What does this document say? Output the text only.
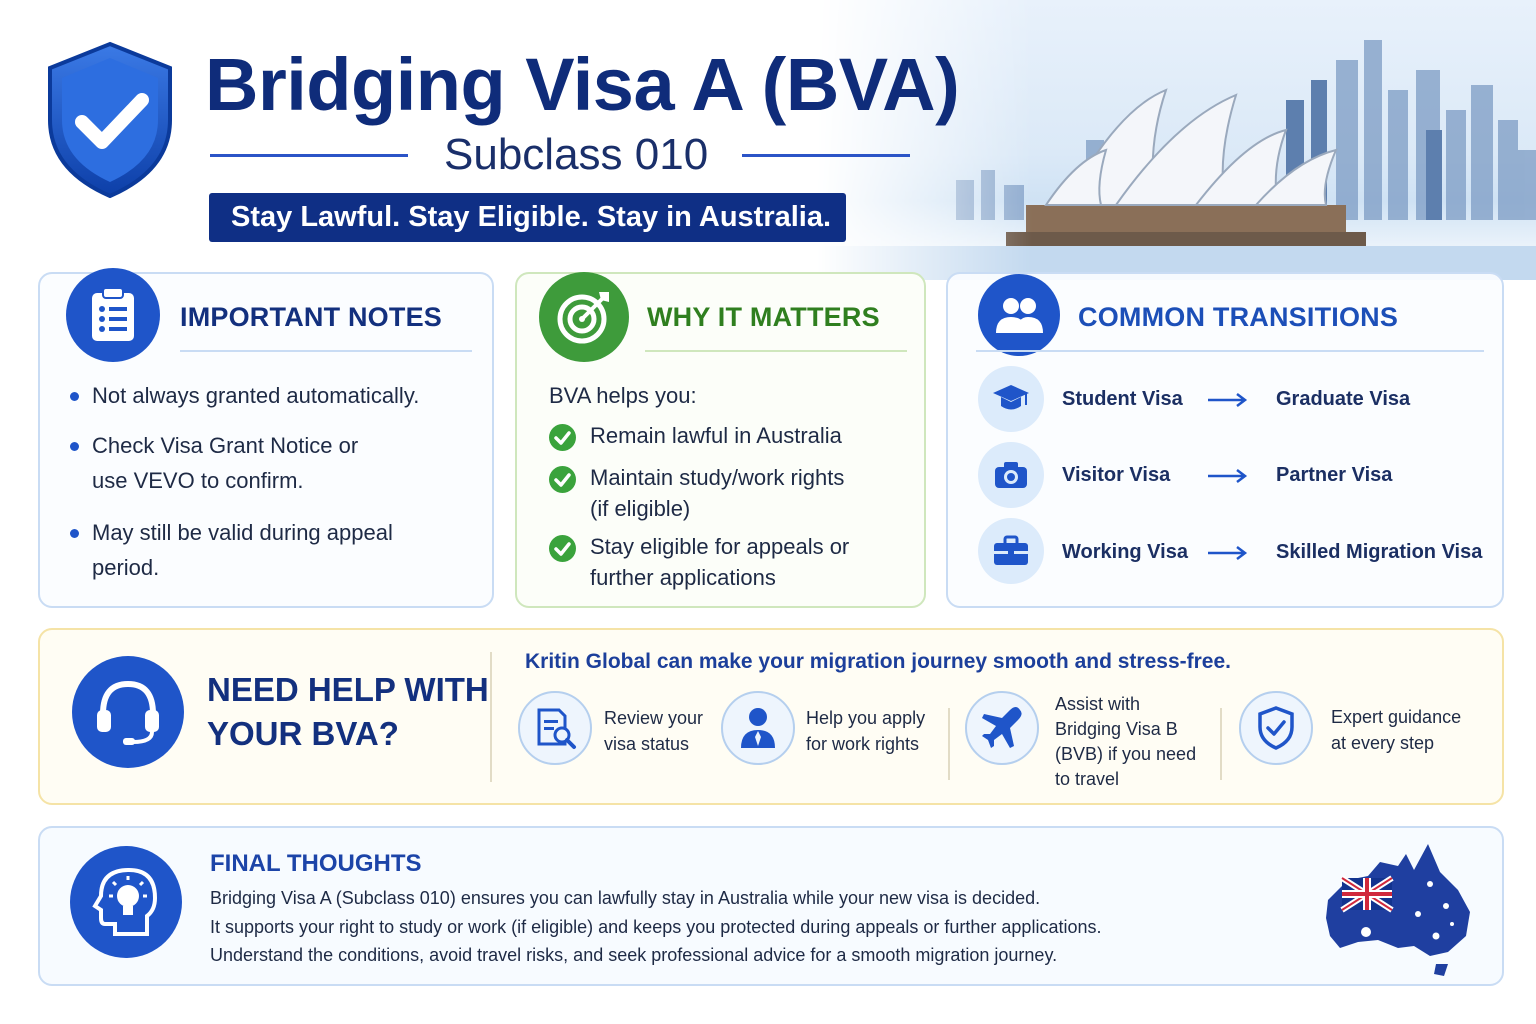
Bridging Visa A (BVA)
Subclass 010
Stay Lawful. Stay Eligible. Stay in Australia.
IMPORTANT NOTES
Not always granted automatically.
Check Visa Grant Notice or
use VEVO to confirm.
May still be valid during appeal
period.
WHY IT MATTERS
BVA helps you:
Remain lawful in Australia
Maintain study/work rights
(if eligible)
Stay eligible for appeals or
further applications
COMMON TRANSITIONS
Student Visa	Graduate Visa
Visitor Visa	Partner Visa
Working Visa	Skilled Migration Visa
NEED HELP WITH
YOUR BVA?
Kritin Global can make your migration journey smooth and stress-free.
Review your
visa status
Help you apply
for work rights
Assist with
Bridging Visa B
(BVB) if you need
to travel
Expert guidance
at every step
FINAL THOUGHTS
Bridging Visa A (Subclass 010) ensures you can lawfully stay in Australia while your new visa is decided.
It supports your right to study or work (if eligible) and keeps you protected during appeals or further applications.
Understand the conditions, avoid travel risks, and seek professional advice for a smooth migration journey.
